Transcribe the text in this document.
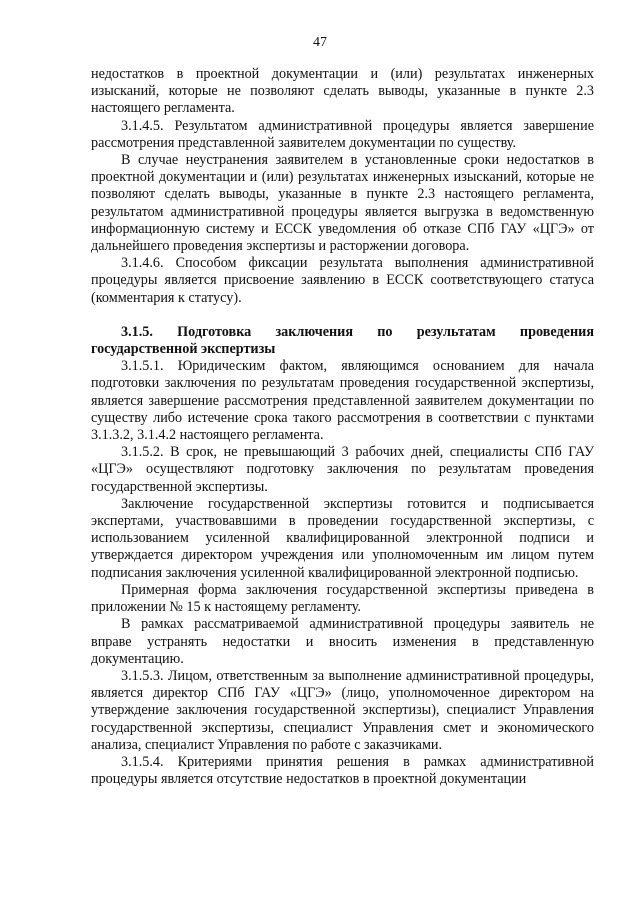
47

недостатков в проектной документации и (или) результатах инженерных изысканий, которые не позволяют сделать выводы, указанные в пункте 2.3 настоящего регламента.

3.1.4.5. Результатом административной процедуры является завершение рассмотрения представленной заявителем документации по существу.

В случае неустранения заявителем в установленные сроки недостатков в проектной документации и (или) результатах инженерных изысканий, которые не позволяют сделать выводы, указанные в пункте 2.3 настоящего регламента, результатом административной процедуры является выгрузка в ведомственную информационную систему и ЕССК уведомления об отказе СПб ГАУ «ЦГЭ» от дальнейшего проведения экспертизы и расторжении договора.

3.1.4.6. Способом фиксации результата выполнения административной процедуры является присвоение заявлению в ЕССК соответствующего статуса (комментария к статусу).

3.1.5. Подготовка заключения по результатам проведения государственной экспертизы

3.1.5.1. Юридическим фактом, являющимся основанием для начала подготовки заключения по результатам проведения государственной экспертизы, является завершение рассмотрения представленной заявителем документации по существу либо истечение срока такого рассмотрения в соответствии с пунктами 3.1.3.2, 3.1.4.2 настоящего регламента.

3.1.5.2. В срок, не превышающий 3 рабочих дней, специалисты СПб ГАУ «ЦГЭ» осуществляют подготовку заключения по результатам проведения государственной экспертизы.

Заключение государственной экспертизы готовится и подписывается экспертами, участвовавшими в проведении государственной экспертизы, с использованием усиленной квалифицированной электронной подписи и утверждается директором учреждения или уполномоченным им лицом путем подписания заключения усиленной квалифицированной электронной подписью.

Примерная форма заключения государственной экспертизы приведена в приложении № 15 к настоящему регламенту.

В рамках рассматриваемой административной процедуры заявитель не вправе устранять недостатки и вносить изменения в представленную документацию.

3.1.5.3. Лицом, ответственным за выполнение административной процедуры, является директор СПб ГАУ «ЦГЭ» (лицо, уполномоченное директором на утверждение заключения государственной экспертизы), специалист Управления государственной экспертизы, специалист Управления смет и экономического анализа, специалист Управления по работе с заказчиками.

3.1.5.4. Критериями принятия решения в рамках административной процедуры является отсутствие недостатков в проектной документации
